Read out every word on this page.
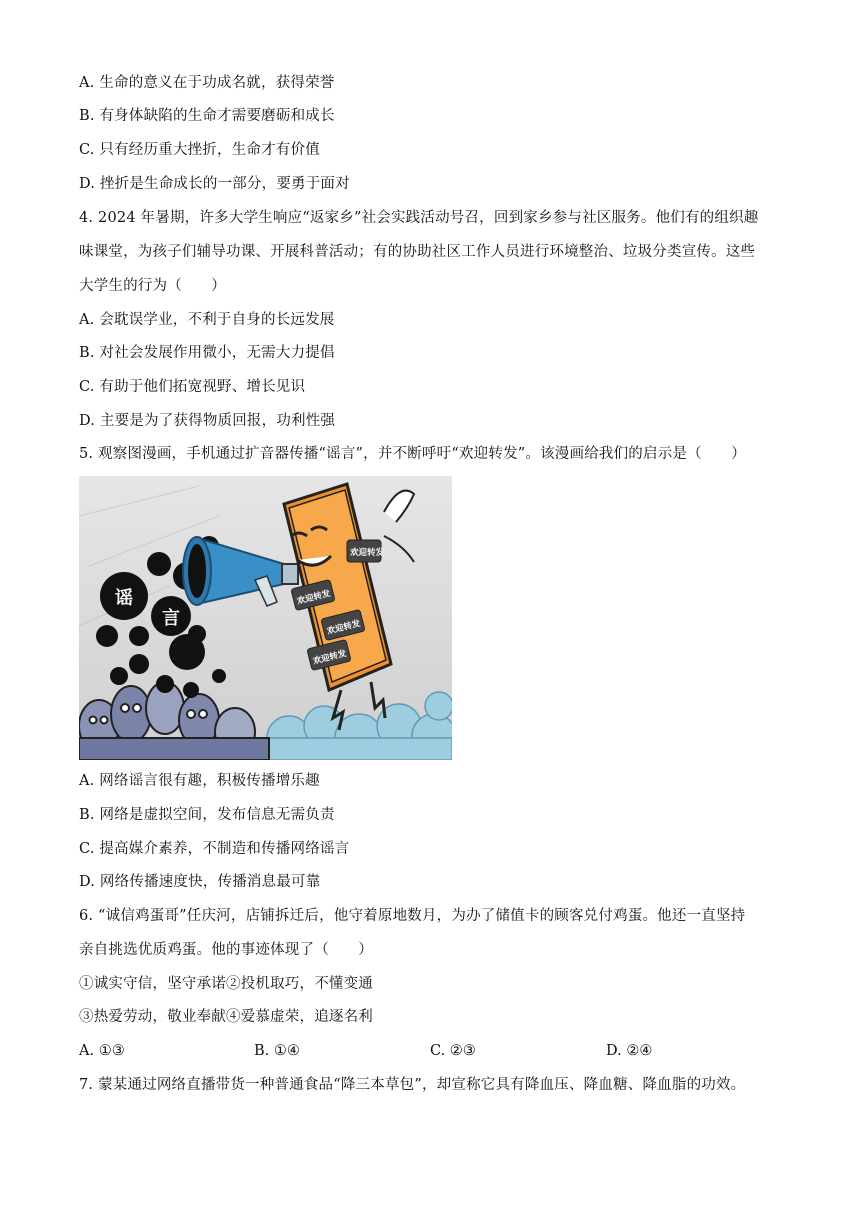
A. 生命的意义在于功成名就，获得荣誉
B. 有身体缺陷的生命才需要磨砺和成长
C. 只有经历重大挫折，生命才有价值
D. 挫折是生命成长的一部分，要勇于面对
4. 2024 年暑期，许多大学生响应“返家乡”社会实践活动号召，回到家乡参与社区服务。他们有的组织趣
味课堂，为孩子们辅导功课、开展科普活动；有的协助社区工作人员进行环境整治、垃圾分类宣传。这些
大学生的行为（　　）
A. 会耽误学业，不利于自身的长远发展
B. 对社会发展作用微小，无需大力提倡
C. 有助于他们拓宽视野、增长见识
D. 主要是为了获得物质回报，功利性强
5. 观察图漫画，手机通过扩音器传播“谣言”，并不断呼吁“欢迎转发”。该漫画给我们的启示是（　　）
谣
言
欢迎转发
欢迎转发
欢迎转发
欢迎转发
A. 网络谣言很有趣，积极传播增乐趣
B. 网络是虚拟空间，发布信息无需负责
C. 提高媒介素养，不制造和传播网络谣言
D. 网络传播速度快，传播消息最可靠
6. “诚信鸡蛋哥”任庆河，店铺拆迁后，他守着原地数月，为办了储值卡的顾客兑付鸡蛋。他还一直坚持
亲自挑选优质鸡蛋。他的事迹体现了（　　）
①诚实守信，坚守承诺②投机取巧，不懂变通
③热爱劳动，敬业奉献④爱慕虚荣，追逐名利
A. ①③	B. ①④	C. ②③	D. ②④
7. 蒙某通过网络直播带货一种普通食品“降三本草包”，却宣称它具有降血压、降血糖、降血脂的功效。
